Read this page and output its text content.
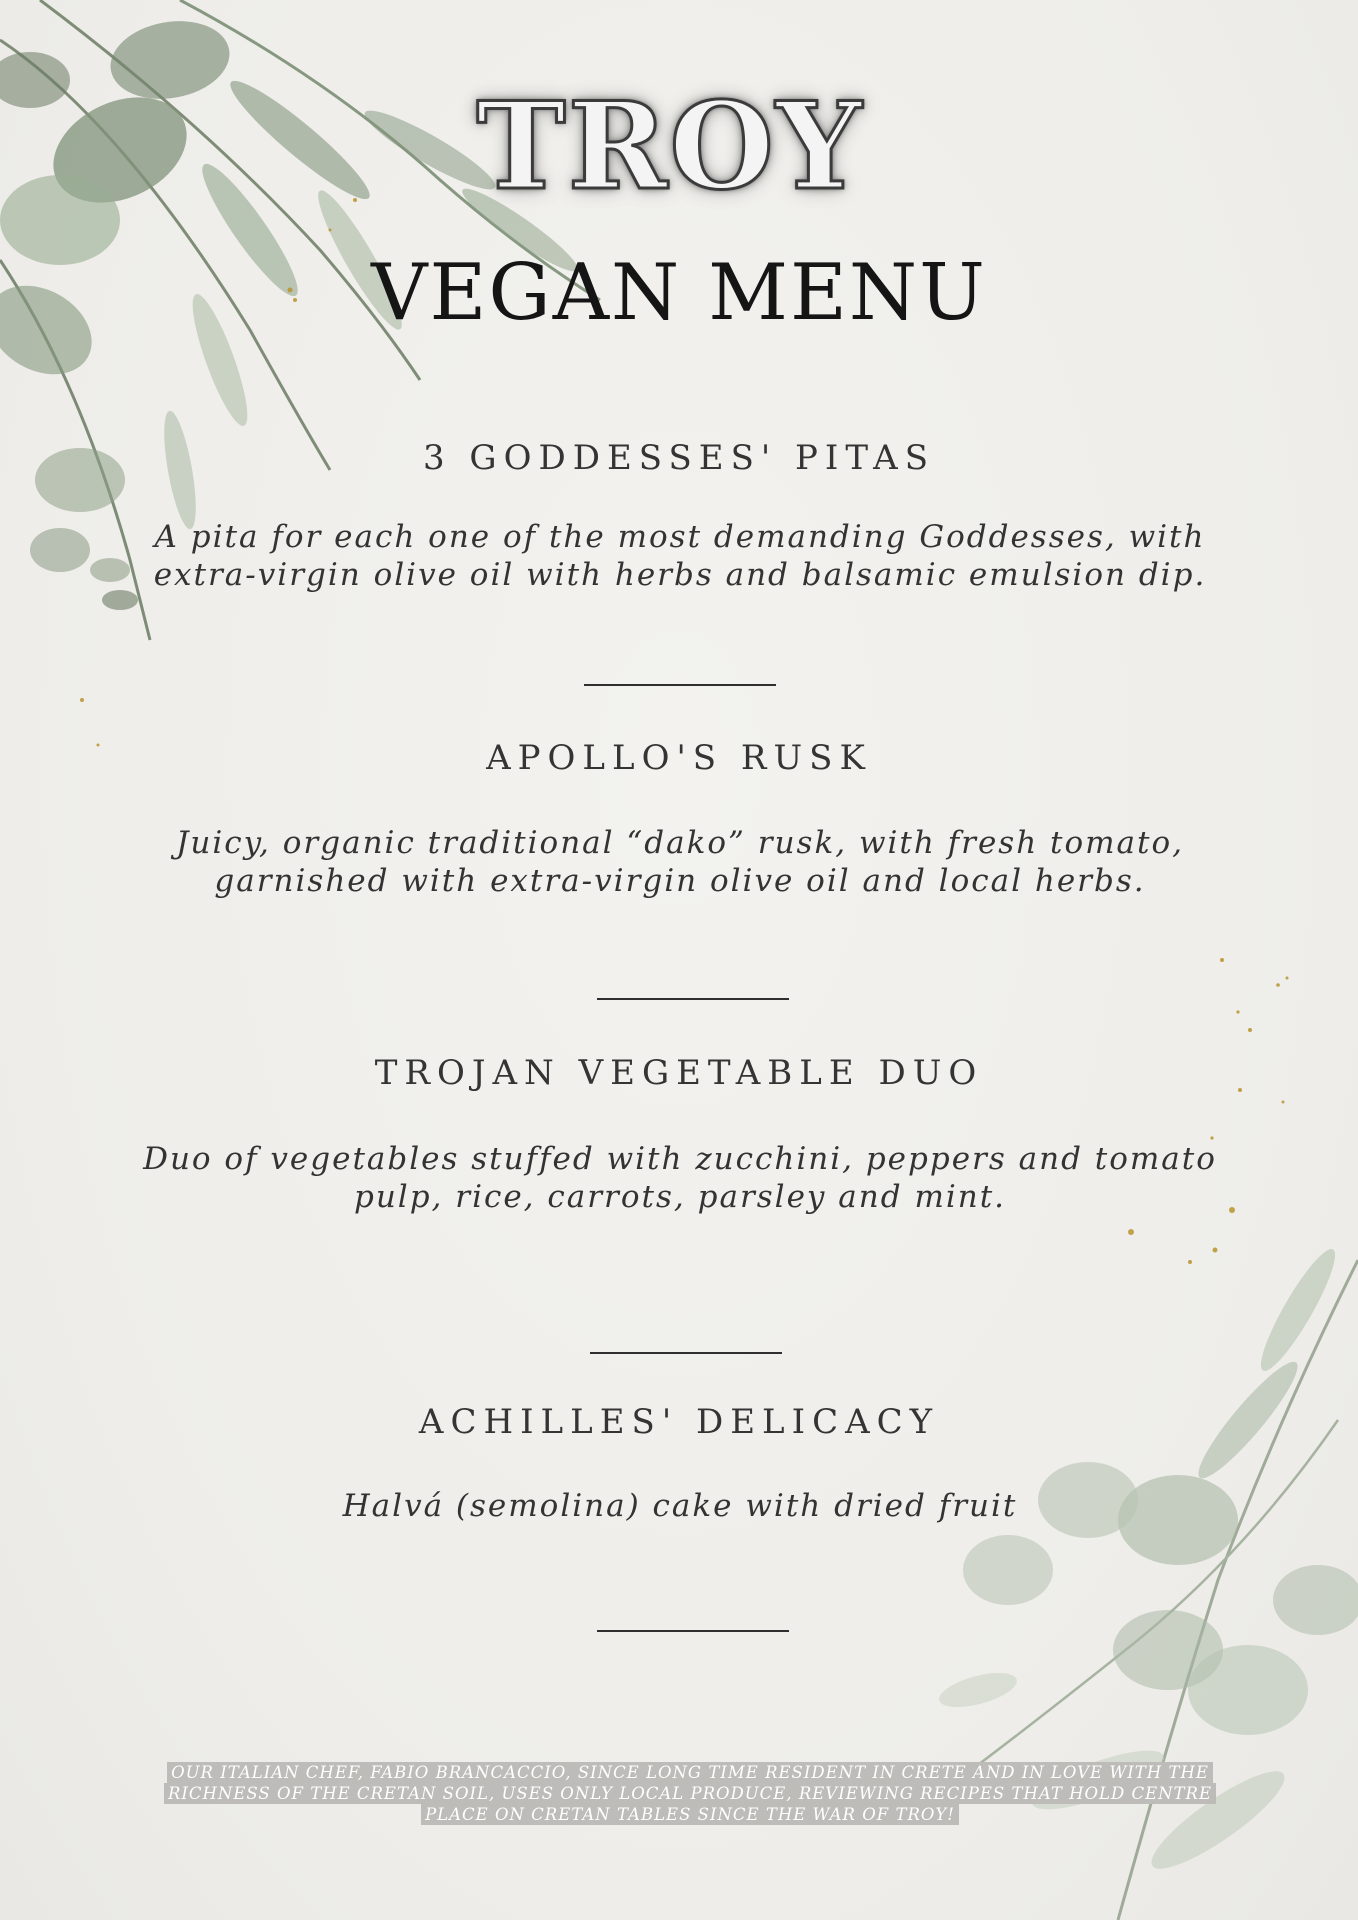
TROY
VEGAN MENU
3 GODDESSES' PITAS
A pita for each one of the most demanding Goddesses, with extra-virgin olive oil with herbs and balsamic emulsion dip.
APOLLO'S RUSK
Juicy, organic traditional “dako” rusk, with fresh tomato, garnished with extra-virgin olive oil and local herbs.
TROJAN VEGETABLE DUO
Duo of vegetables stuffed with zucchini, peppers and tomato pulp, rice, carrots, parsley and mint.
ACHILLES' DELICACY
Halvá (semolina) cake with dried fruit
OUR ITALIAN CHEF, FABIO BRANCACCIO, SINCE LONG TIME RESIDENT IN CRETE AND IN LOVE WITH THE RICHNESS OF THE CRETAN SOIL, USES ONLY LOCAL PRODUCE, REVIEWING RECIPES THAT HOLD CENTRE PLACE ON CRETAN TABLES SINCE THE WAR OF TROY!
